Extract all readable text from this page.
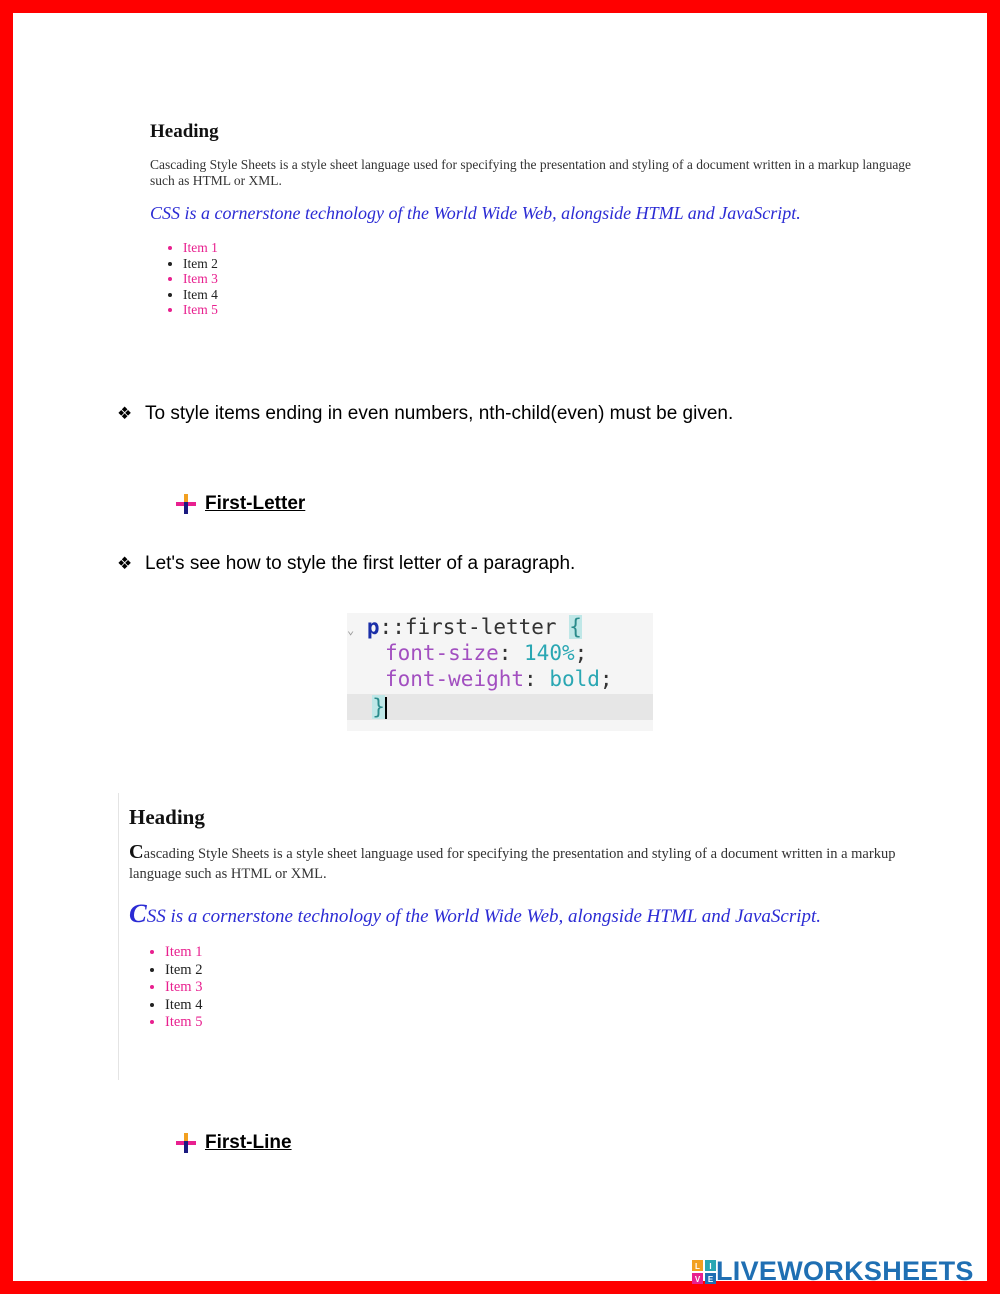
Heading
Cascading Style Sheets is a style sheet language used for specifying the presentation and styling of a document written in a markup language such as HTML or XML.
CSS is a cornerstone technology of the World Wide Web, alongside HTML and JavaScript.
• Item 1
• Item 2
• Item 3
• Item 4
• Item 5
❖ To style items ending in even numbers, nth-child(even) must be given.
First-Letter
❖ Let's see how to style the first letter of a paragraph.
⌄ p::first-letter {
font-size: 140%;
font-weight: bold;
}
Heading
Cascading Style Sheets is a style sheet language used for specifying the presentation and styling of a document written in a markup language such as HTML or XML.
CSS is a cornerstone technology of the World Wide Web, alongside HTML and JavaScript.
• Item 1
• Item 2
• Item 3
• Item 4
• Item 5
First-Line
L I
V E LIVEWORKSHEETS
